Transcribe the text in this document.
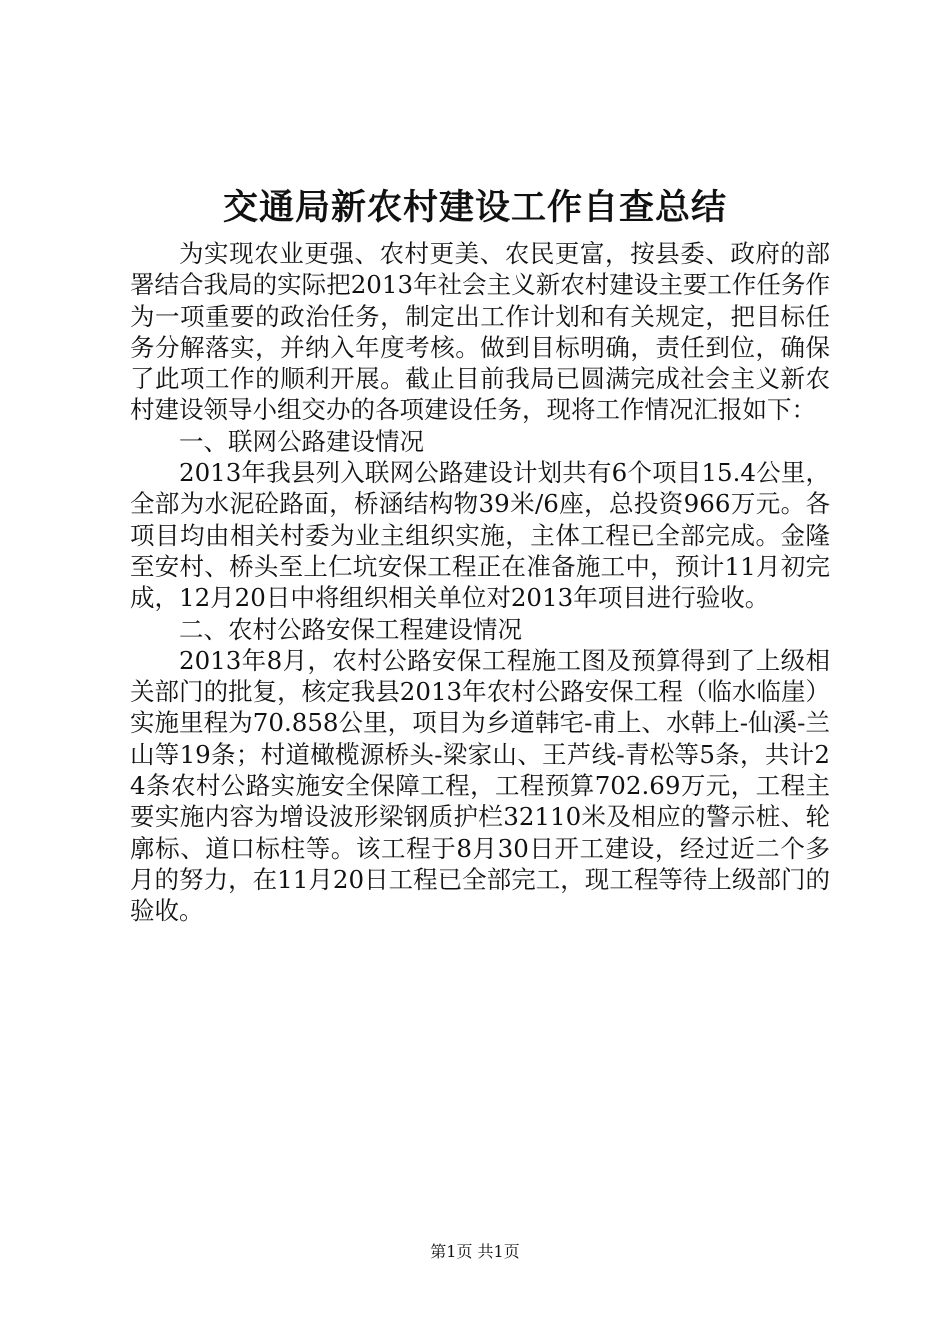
交通局新农村建设工作自查总结

为实现农业更强、农村更美、农民更富，按县委、政府的部署结合我局的实际把2013年社会主义新农村建设主要工作任务作为一项重要的政治任务，制定出工作计划和有关规定，把目标任务分解落实，并纳入年度考核。做到目标明确，责任到位，确保了此项工作的顺利开展。截止目前我局已圆满完成社会主义新农村建设领导小组交办的各项建设任务，现将工作情况汇报如下：

一、联网公路建设情况

2013年我县列入联网公路建设计划共有6个项目15.4公里，全部为水泥砼路面，桥涵结构物39米/6座，总投资966万元。各项目均由相关村委为业主组织实施，主体工程已全部完成。金隆至安村、桥头至上仁坑安保工程正在准备施工中，预计11月初完成，12月20日中将组织相关单位对2013年项目进行验收。

二、农村公路安保工程建设情况

2013年8月，农村公路安保工程施工图及预算得到了上级相关部门的批复，核定我县2013年农村公路安保工程（临水临崖）实施里程为70.858公里，项目为乡道韩宅-甫上、水韩上-仙溪-兰山等19条；村道橄榄源桥头-梁家山、王芦线-青松等5条，共计24条农村公路实施安全保障工程，工程预算702.69万元，工程主要实施内容为增设波形梁钢质护栏32110米及相应的警示桩、轮廓标、道口标柱等。该工程于8月30日开工建设，经过近二个多月的努力，在11月20日工程已全部完工，现工程等待上级部门的验收。

第1页 共1页
